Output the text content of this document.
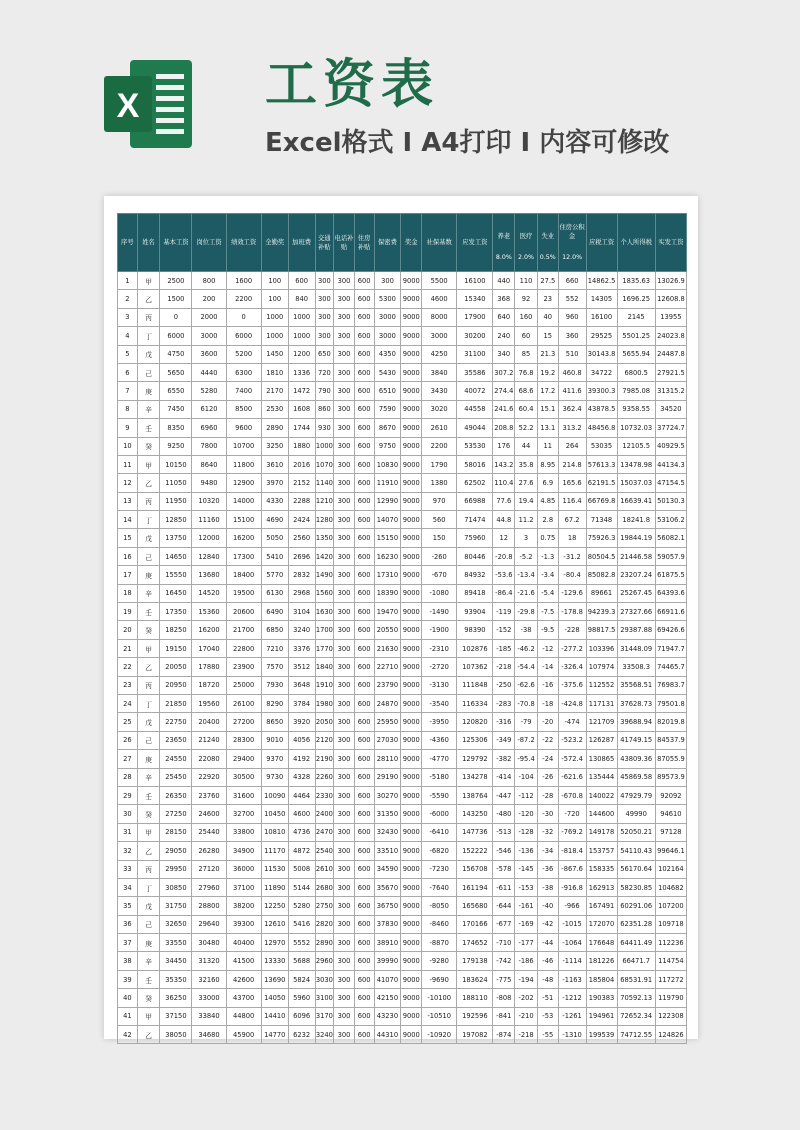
X 工资表
Excel格式 I A4打印 I 内容可修改
序号	姓名	基本工资	岗位工资	绩效工资	全勤奖	加班费	交通补贴	电话补贴	住房补贴	保密费	奖金	社保基数	应发工资	养老	医疗	失业	住房公积金	应税工资	个人所得税	实发工资
														8.0%	2.0%	0.5%	12.0%			
1	甲	2500	800	1600	100	600	300	300	600	300	9000	5500	16100	440	110	27.5	660	14862.5	1835.63	13026.9
2	乙	1500	200	2200	100	840	300	300	600	5300	9000	4600	15340	368	92	23	552	14305	1696.25	12608.8
3	丙	0	2000	0	1000	1000	300	300	600	3000	9000	8000	17900	640	160	40	960	16100	2145	13955
4	丁	6000	3000	6000	1000	1000	300	300	600	3000	9000	3000	30200	240	60	15	360	29525	5501.25	24023.8
5	戊	4750	3600	5200	1450	1200	650	300	600	4350	9000	4250	31100	340	85	21.3	510	30143.8	5655.94	24487.8
6	己	5650	4440	6300	1810	1336	720	300	600	5430	9000	3840	35586	307.2	76.8	19.2	460.8	34722	6800.5	27921.5
7	庚	6550	5280	7400	2170	1472	790	300	600	6510	9000	3430	40072	274.4	68.6	17.2	411.6	39300.3	7985.08	31315.2
8	辛	7450	6120	8500	2530	1608	860	300	600	7590	9000	3020	44558	241.6	60.4	15.1	362.4	43878.5	9358.55	34520
9	壬	8350	6960	9600	2890	1744	930	300	600	8670	9000	2610	49044	208.8	52.2	13.1	313.2	48456.8	10732.03	37724.7
10	癸	9250	7800	10700	3250	1880	1000	300	600	9750	9000	2200	53530	176	44	11	264	53035	12105.5	40929.5
11	甲	10150	8640	11800	3610	2016	1070	300	600	10830	9000	1790	58016	143.2	35.8	8.95	214.8	57613.3	13478.98	44134.3
12	乙	11050	9480	12900	3970	2152	1140	300	600	11910	9000	1380	62502	110.4	27.6	6.9	165.6	62191.5	15037.03	47154.5
13	丙	11950	10320	14000	4330	2288	1210	300	600	12990	9000	970	66988	77.6	19.4	4.85	116.4	66769.8	16639.41	50130.3
14	丁	12850	11160	15100	4690	2424	1280	300	600	14070	9000	560	71474	44.8	11.2	2.8	67.2	71348	18241.8	53106.2
15	戊	13750	12000	16200	5050	2560	1350	300	600	15150	9000	150	75960	12	3	0.75	18	75926.3	19844.19	56082.1
16	己	14650	12840	17300	5410	2696	1420	300	600	16230	9000	-260	80446	-20.8	-5.2	-1.3	-31.2	80504.5	21446.58	59057.9
17	庚	15550	13680	18400	5770	2832	1490	300	600	17310	9000	-670	84932	-53.6	-13.4	-3.4	-80.4	85082.8	23207.24	61875.5
18	辛	16450	14520	19500	6130	2968	1560	300	600	18390	9000	-1080	89418	-86.4	-21.6	-5.4	-129.6	89661	25267.45	64393.6
19	壬	17350	15360	20600	6490	3104	1630	300	600	19470	9000	-1490	93904	-119	-29.8	-7.5	-178.8	94239.3	27327.66	66911.6
20	癸	18250	16200	21700	6850	3240	1700	300	600	20550	9000	-1900	98390	-152	-38	-9.5	-228	98817.5	29387.88	69426.6
21	甲	19150	17040	22800	7210	3376	1770	300	600	21630	9000	-2310	102876	-185	-46.2	-12	-277.2	103396	31448.09	71947.7
22	乙	20050	17880	23900	7570	3512	1840	300	600	22710	9000	-2720	107362	-218	-54.4	-14	-326.4	107974	33508.3	74465.7
23	丙	20950	18720	25000	7930	3648	1910	300	600	23790	9000	-3130	111848	-250	-62.6	-16	-375.6	112552	35568.51	76983.7
24	丁	21850	19560	26100	8290	3784	1980	300	600	24870	9000	-3540	116334	-283	-70.8	-18	-424.8	117131	37628.73	79501.8
25	戊	22750	20400	27200	8650	3920	2050	300	600	25950	9000	-3950	120820	-316	-79	-20	-474	121709	39688.94	82019.8
26	己	23650	21240	28300	9010	4056	2120	300	600	27030	9000	-4360	125306	-349	-87.2	-22	-523.2	126287	41749.15	84537.9
27	庚	24550	22080	29400	9370	4192	2190	300	600	28110	9000	-4770	129792	-382	-95.4	-24	-572.4	130865	43809.36	87055.9
28	辛	25450	22920	30500	9730	4328	2260	300	600	29190	9000	-5180	134278	-414	-104	-26	-621.6	135444	45869.58	89573.9
29	壬	26350	23760	31600	10090	4464	2330	300	600	30270	9000	-5590	138764	-447	-112	-28	-670.8	140022	47929.79	92092
30	癸	27250	24600	32700	10450	4600	2400	300	600	31350	9000	-6000	143250	-480	-120	-30	-720	144600	49990	94610
31	甲	28150	25440	33800	10810	4736	2470	300	600	32430	9000	-6410	147736	-513	-128	-32	-769.2	149178	52050.21	97128
32	乙	29050	26280	34900	11170	4872	2540	300	600	33510	9000	-6820	152222	-546	-136	-34	-818.4	153757	54110.43	99646.1
33	丙	29950	27120	36000	11530	5008	2610	300	600	34590	9000	-7230	156708	-578	-145	-36	-867.6	158335	56170.64	102164
34	丁	30850	27960	37100	11890	5144	2680	300	600	35670	9000	-7640	161194	-611	-153	-38	-916.8	162913	58230.85	104682
35	戊	31750	28800	38200	12250	5280	2750	300	600	36750	9000	-8050	165680	-644	-161	-40	-966	167491	60291.06	107200
36	己	32650	29640	39300	12610	5416	2820	300	600	37830	9000	-8460	170166	-677	-169	-42	-1015	172070	62351.28	109718
37	庚	33550	30480	40400	12970	5552	2890	300	600	38910	9000	-8870	174652	-710	-177	-44	-1064	176648	64411.49	112236
38	辛	34450	31320	41500	13330	5688	2960	300	600	39990	9000	-9280	179138	-742	-186	-46	-1114	181226	66471.7	114754
39	壬	35350	32160	42600	13690	5824	3030	300	600	41070	9000	-9690	183624	-775	-194	-48	-1163	185804	68531.91	117272
40	癸	36250	33000	43700	14050	5960	3100	300	600	42150	9000	-10100	188110	-808	-202	-51	-1212	190383	70592.13	119790
41	甲	37150	33840	44800	14410	6096	3170	300	600	43230	9000	-10510	192596	-841	-210	-53	-1261	194961	72652.34	122308
42	乙	38050	34680	45900	14770	6232	3240	300	600	44310	9000	-10920	197082	-874	-218	-55	-1310	199539	74712.55	124826
